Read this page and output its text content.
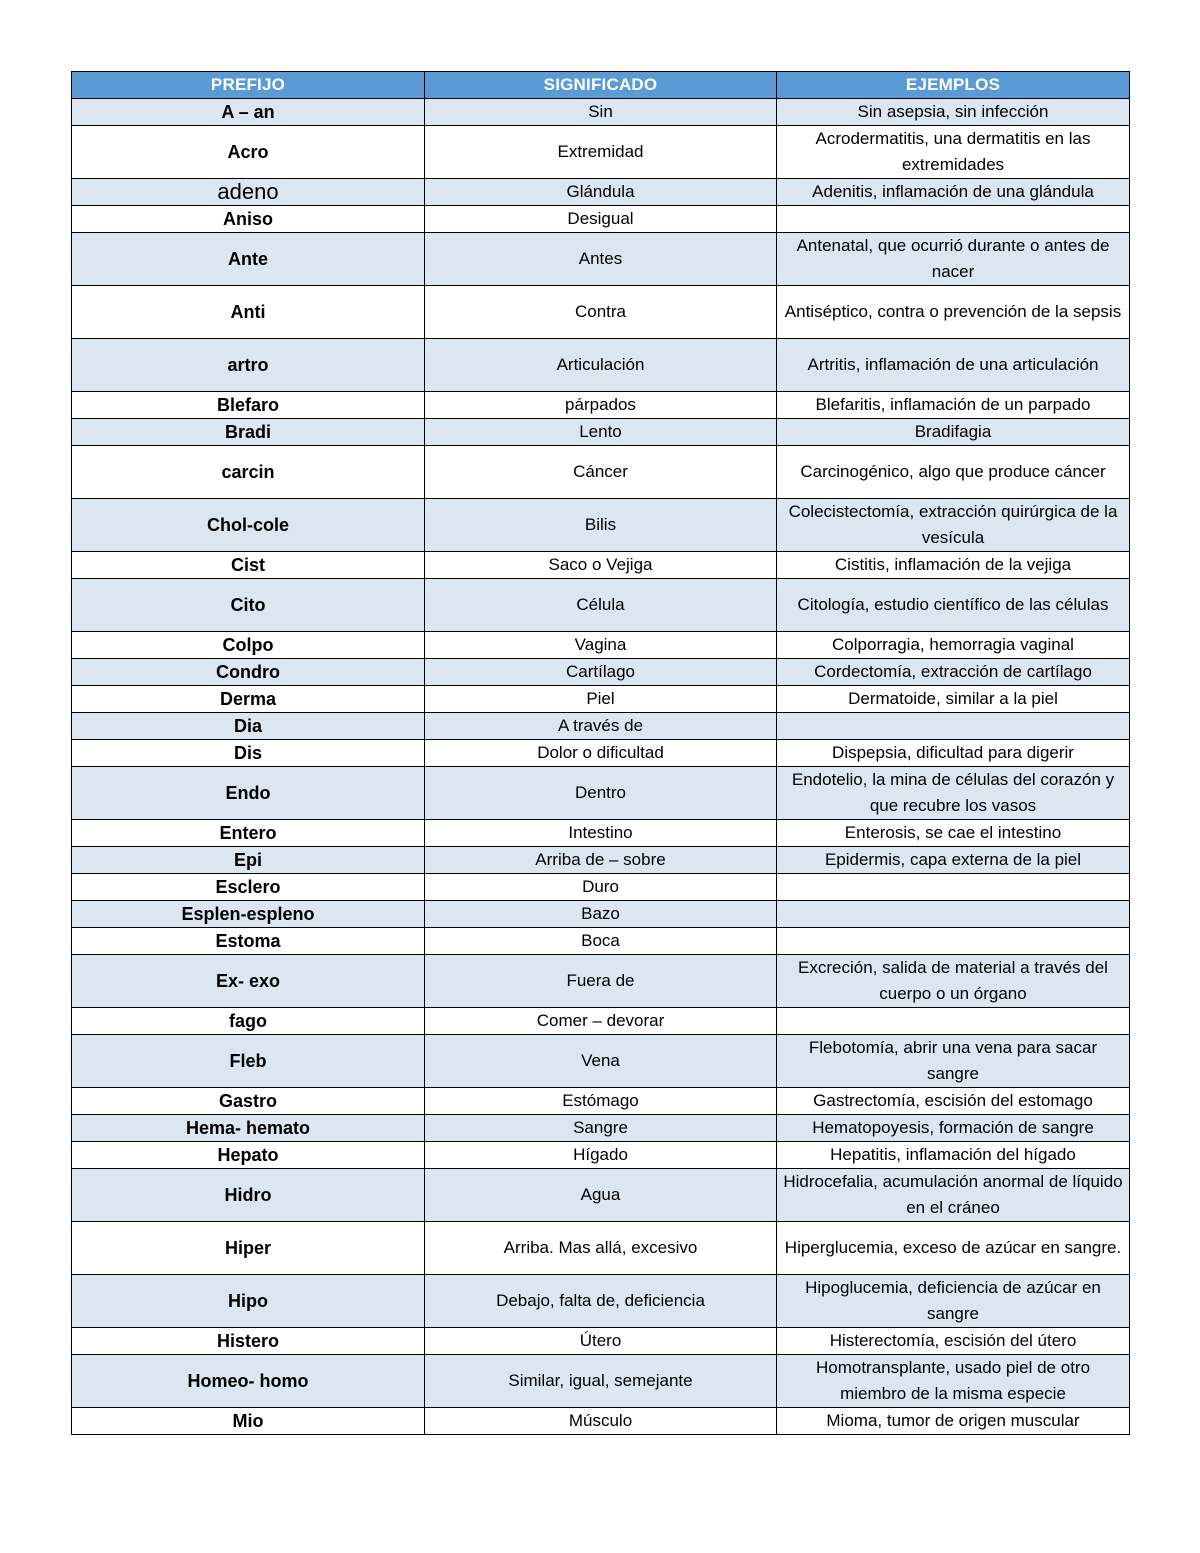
PREFIJO	SIGNIFICADO	EJEMPLOS
A – an	Sin	Sin asepsia, sin infección
Acro	Extremidad	Acrodermatitis, una dermatitis en las extremidades
adeno	Glándula	Adenitis, inflamación de una glándula
Aniso	Desigual	
Ante	Antes	Antenatal, que ocurrió durante o antes de nacer
Anti	Contra	Antiséptico, contra o prevención de la sepsis
artro	Articulación	Artritis, inflamación de una articulación
Blefaro	párpados	Blefaritis, inflamación de un parpado
Bradi	Lento	Bradifagia
carcin	Cáncer	Carcinogénico, algo que produce cáncer
Chol-cole	Bilis	Colecistectomía, extracción quirúrgica de la vesícula
Cist	Saco o Vejiga	Cistitis, inflamación de la vejiga
Cito	Célula	Citología, estudio científico de las células
Colpo	Vagina	Colporragia, hemorragia vaginal
Condro	Cartílago	Cordectomía, extracción de cartílago
Derma	Piel	Dermatoide, similar a la piel
Dia	A través de	
Dis	Dolor o dificultad	Dispepsia, dificultad para digerir
Endo	Dentro	Endotelio, la mina de células del corazón y que recubre los vasos
Entero	Intestino	Enterosis, se cae el intestino
Epi	Arriba de – sobre	Epidermis, capa externa de la piel
Esclero	Duro	
Esplen-espleno	Bazo	
Estoma	Boca	
Ex- exo	Fuera de	Excreción, salida de material a través del cuerpo o un órgano
fago	Comer – devorar	
Fleb	Vena	Flebotomía, abrir una vena para sacar sangre
Gastro	Estómago	Gastrectomía, escisión del estomago
Hema- hemato	Sangre	Hematopoyesis, formación de sangre
Hepato	Hígado	Hepatitis, inflamación del hígado
Hidro	Agua	Hidrocefalia, acumulación anormal de líquido en el cráneo
Hiper	Arriba. Mas allá, excesivo	Hiperglucemia, exceso de azúcar en sangre.
Hipo	Debajo, falta de, deficiencia	Hipoglucemia, deficiencia de azúcar en sangre
Histero	Útero	Histerectomía, escisión del útero
Homeo- homo	Similar, igual, semejante	Homotransplante, usado piel de otro miembro de la misma especie
Mio	Músculo	Mioma, tumor de origen muscular
